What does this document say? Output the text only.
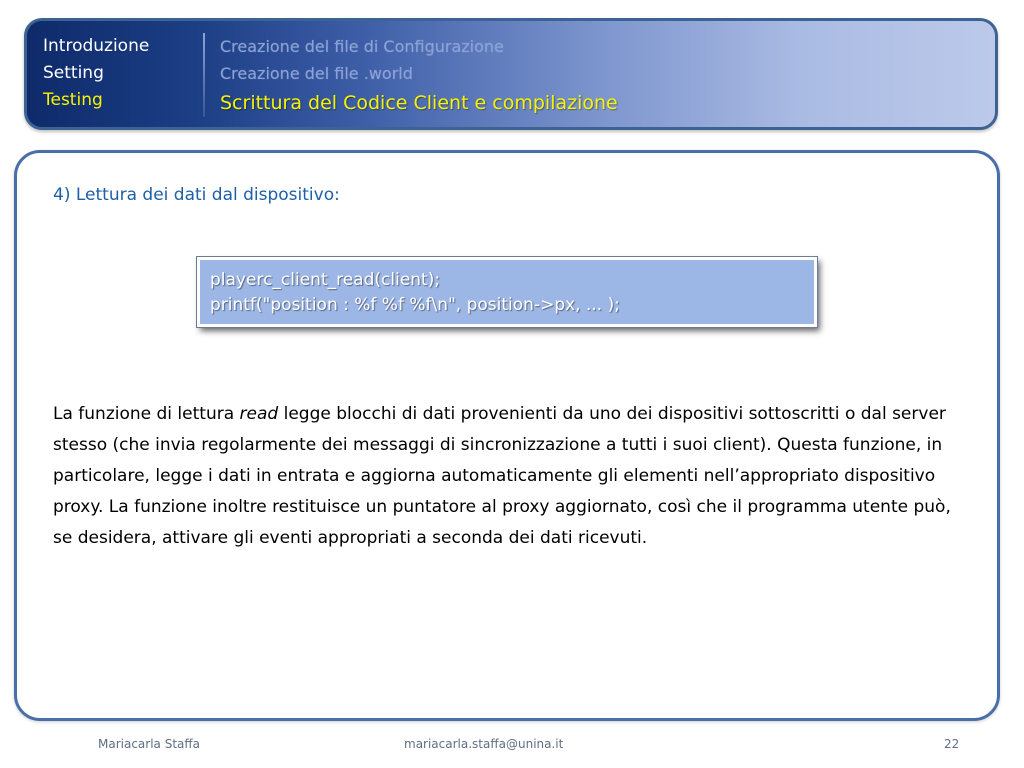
Introduzione
Setting
Testing
Creazione del file di Configurazione
Creazione del file .world
Scrittura del Codice Client e compilazione
4) Lettura dei dati dal dispositivo:
playerc_client_read(client);
printf("position : %f %f %f\n", position->px, ... );
La funzione di lettura read legge blocchi di dati provenienti da uno dei dispositivi sottoscritti o dal server stesso (che invia regolarmente dei messaggi di sincronizzazione a tutti i suoi client). Questa funzione, in particolare, legge i dati in entrata e aggiorna automaticamente gli elementi nell’appropriato dispositivo proxy. La funzione inoltre restituisce un puntatore al proxy aggiornato, così che il programma utente può, se desidera, attivare gli eventi appropriati a seconda dei dati ricevuti.
Mariacarla Staffa	mariacarla.staffa@unina.it	22
